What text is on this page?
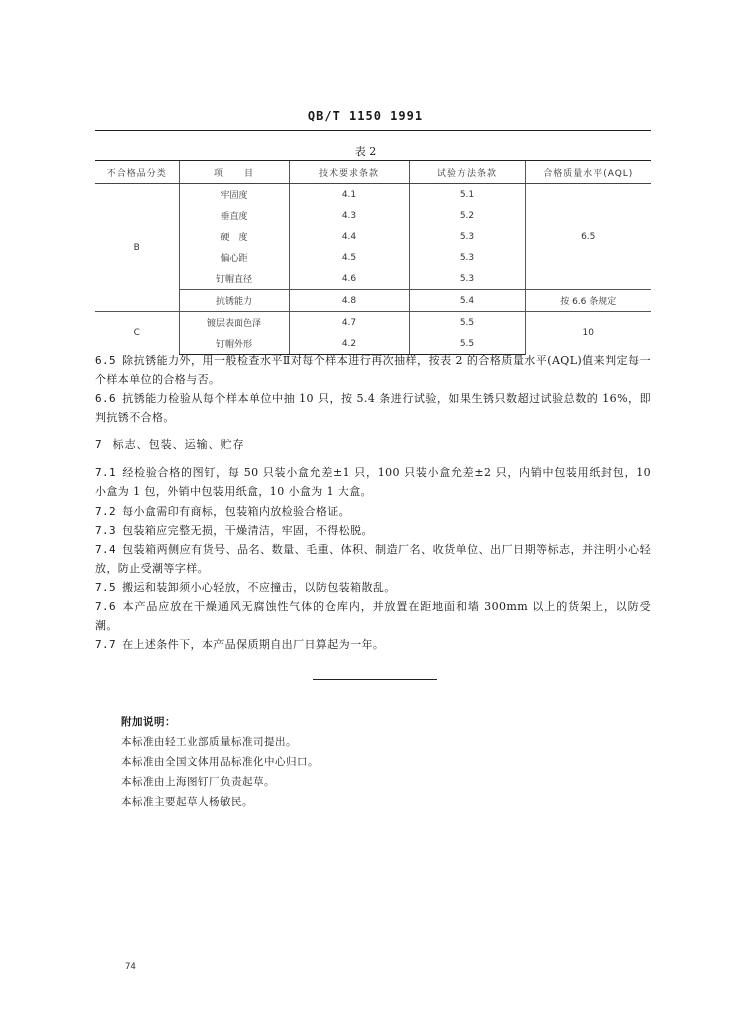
QB/T 1150 1991
表 2
不合格品分类	项　　目	技术要求条款	试验方法条款	合格质量水平(AQL)
B	牢固度	4.1	5.1	6.5
	垂直度	4.3	5.2	
	硬　度	4.4	5.3	
	偏心距	4.5	5.3	
	钉帽直径	4.6	5.3	
	抗锈能力	4.8	5.4	按 6.6 条规定
C	镀层表面色泽	4.7	5.5	10
	钉帽外形	4.2	5.5	
6.5 除抗锈能力外，用一般检查水平Ⅱ对每个样本进行再次抽样，按表 2 的合格质量水平(AQL)值来判定每一个样本单位的合格与否。
6.6 抗锈能力检验从每个样本单位中抽 10 只，按 5.4 条进行试验，如果生锈只数超过试验总数的 16%，即判抗锈不合格。
7 标志、包装、运输、贮存
7.1 经检验合格的图钉，每 50 只装小盒允差±1 只，100 只装小盒允差±2 只，内销中包装用纸封包，10 小盒为 1 包，外销中包装用纸盒，10 小盒为 1 大盒。
7.2 每小盒需印有商标，包装箱内放检验合格证。
7.3 包装箱应完整无损，干燥清洁，牢固，不得松脱。
7.4 包装箱两侧应有货号、品名、数量、毛重、体积、制造厂名、收货单位、出厂日期等标志，并注明小心轻放，防止受潮等字样。
7.5 搬运和装卸须小心轻放，不应撞击，以防包装箱散乱。
7.6 本产品应放在干燥通风无腐蚀性气体的仓库内，并放置在距地面和墙 300mm 以上的货架上，以防受潮。
7.7 在上述条件下，本产品保质期自出厂日算起为一年。
附加说明：
本标准由轻工业部质量标准司提出。
本标准由全国文体用品标准化中心归口。
本标准由上海图钉厂负责起草。
本标准主要起草人杨敏民。
74
